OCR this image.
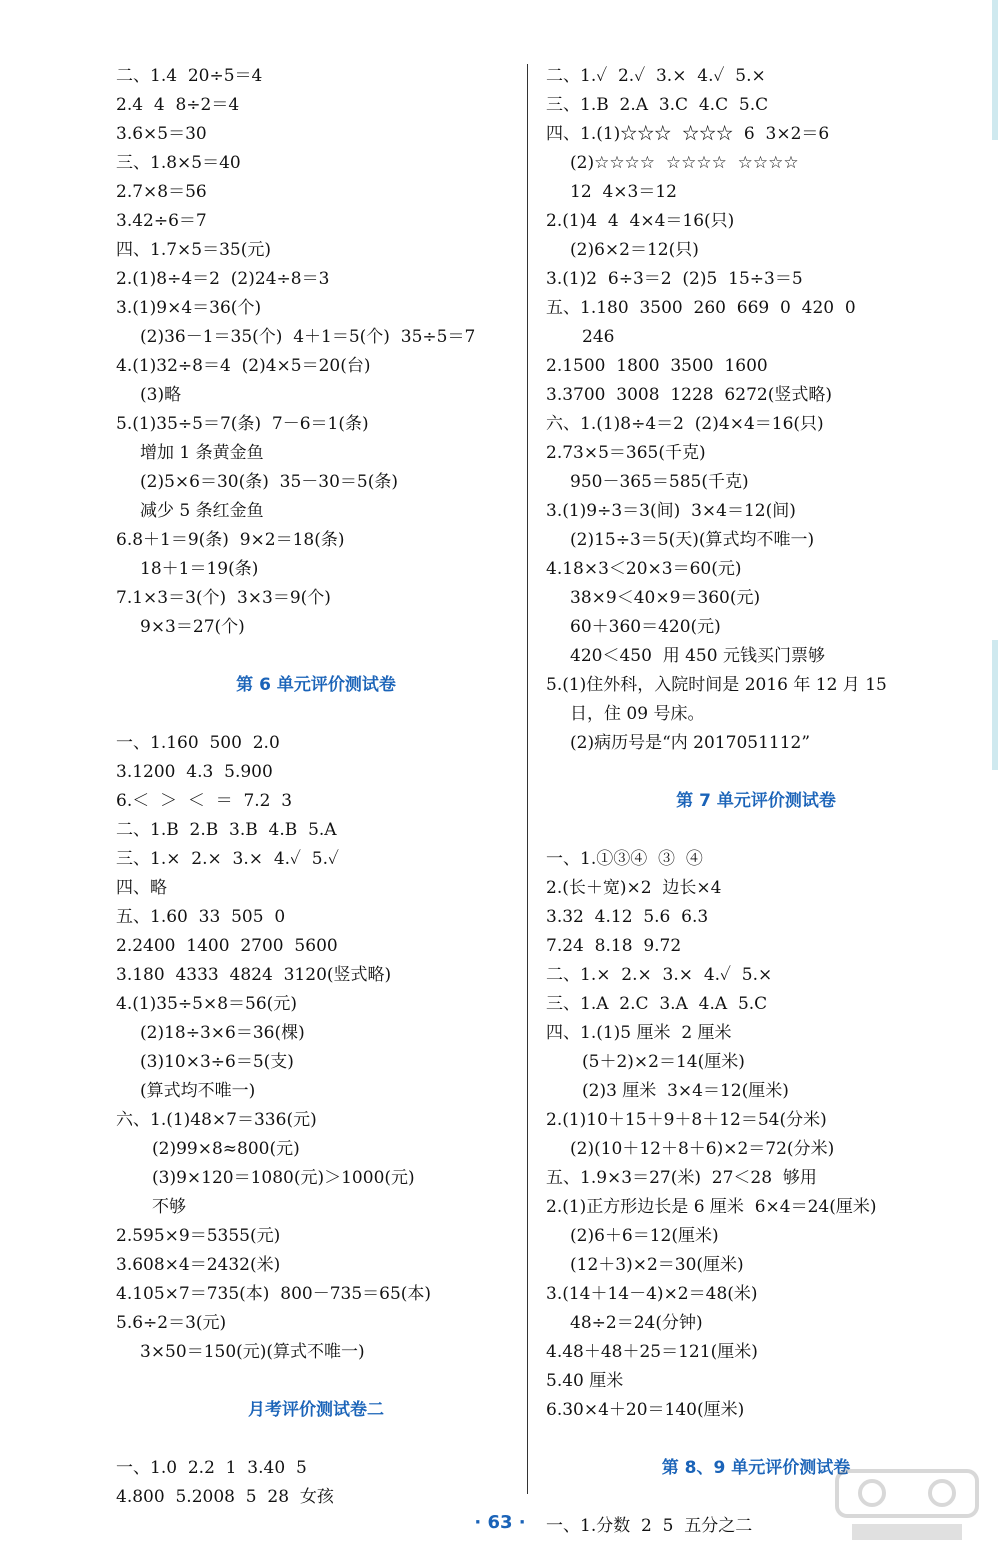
二、1.4  20÷5＝4
2.4  4  8÷2＝4
3.6×5＝30
三、1.8×5＝40
2.7×8＝56
3.42÷6＝7
四、1.7×5＝35(元)
2.(1)8÷4＝2  (2)24÷8＝3
3.(1)9×4＝36(个)
(2)36－1＝35(个)  4＋1＝5(个)  35÷5＝7
4.(1)32÷8＝4  (2)4×5＝20(台)
(3)略
5.(1)35÷5＝7(条)  7－6＝1(条)
增加 1 条黄金鱼
(2)5×6＝30(条)  35－30＝5(条)
减少 5 条红金鱼
6.8＋1＝9(条)  9×2＝18(条)
18＋1＝19(条)
7.1×3＝3(个)  3×3＝9(个)
9×3＝27(个)
第 6 单元评价测试卷
一、1.160  500  2.0
3.1200  4.3  5.900
6.＜  ＞  ＜  ＝  7.2  3
二、1.B  2.B  3.B  4.B  5.A
三、1.×  2.×  3.×  4.✓  5.✓
四、略
五、1.60  33  505  0
2.2400  1400  2700  5600
3.180  4333  4824  3120(竖式略)
4.(1)35÷5×8＝56(元)
(2)18÷3×6＝36(棵)
(3)10×3÷6＝5(支)
(算式均不唯一)
六、1.(1)48×7＝336(元)
(2)99×8≈800(元)
(3)9×120＝1080(元)＞1000(元)
不够
2.595×9＝5355(元)
3.608×4＝2432(米)
4.105×7＝735(本)  800－735＝65(本)
5.6÷2＝3(元)
3×50＝150(元)(算式不唯一)
月考评价测试卷二
一、1.0  2.2  1  3.40  5
4.800  5.2008  5  28  女孩
二、1.✓  2.✓  3.×  4.✓  5.×
三、1.B  2.A  3.C  4.C  5.C
四、1.(1)☆☆☆  ☆☆☆  6  3×2＝6
(2)☆☆☆☆  ☆☆☆☆  ☆☆☆☆
12  4×3＝12
2.(1)4  4  4×4＝16(只)
(2)6×2＝12(只)
3.(1)2  6÷3＝2  (2)5  15÷3＝5
五、1.180  3500  260  669  0  420  0
246
2.1500  1800  3500  1600
3.3700  3008  1228  6272(竖式略)
六、1.(1)8÷4＝2  (2)4×4＝16(只)
2.73×5＝365(千克)
950－365＝585(千克)
3.(1)9÷3＝3(间)  3×4＝12(间)
(2)15÷3＝5(天)(算式均不唯一)
4.18×3＜20×3＝60(元)
38×9＜40×9＝360(元)
60＋360＝420(元)
420＜450  用 450 元钱买门票够
5.(1)住外科，入院时间是 2016 年 12 月 15
日，住 09 号床。
(2)病历号是“内 2017051112”
第 7 单元评价测试卷
一、1.①③④  ③  ④
2.(长＋宽)×2  边长×4
3.32  4.12  5.6  6.3
7.24  8.18  9.72
二、1.×  2.×  3.×  4.✓  5.×
三、1.A  2.C  3.A  4.A  5.C
四、1.(1)5 厘米  2 厘米
(5＋2)×2＝14(厘米)
(2)3 厘米  3×4＝12(厘米)
2.(1)10＋15＋9＋8＋12＝54(分米)
(2)(10＋12＋8＋6)×2＝72(分米)
五、1.9×3＝27(米)  27＜28  够用
2.(1)正方形边长是 6 厘米  6×4＝24(厘米)
(2)6＋6＝12(厘米)
(12＋3)×2＝30(厘米)
3.(14＋14－4)×2＝48(米)
48÷2＝24(分钟)
4.48＋48＋25＝121(厘米)
5.40 厘米
6.30×4＋20＝140(厘米)
第 8、9 单元评价测试卷
一、1.分数  2  5  五分之二
· 63 ·
